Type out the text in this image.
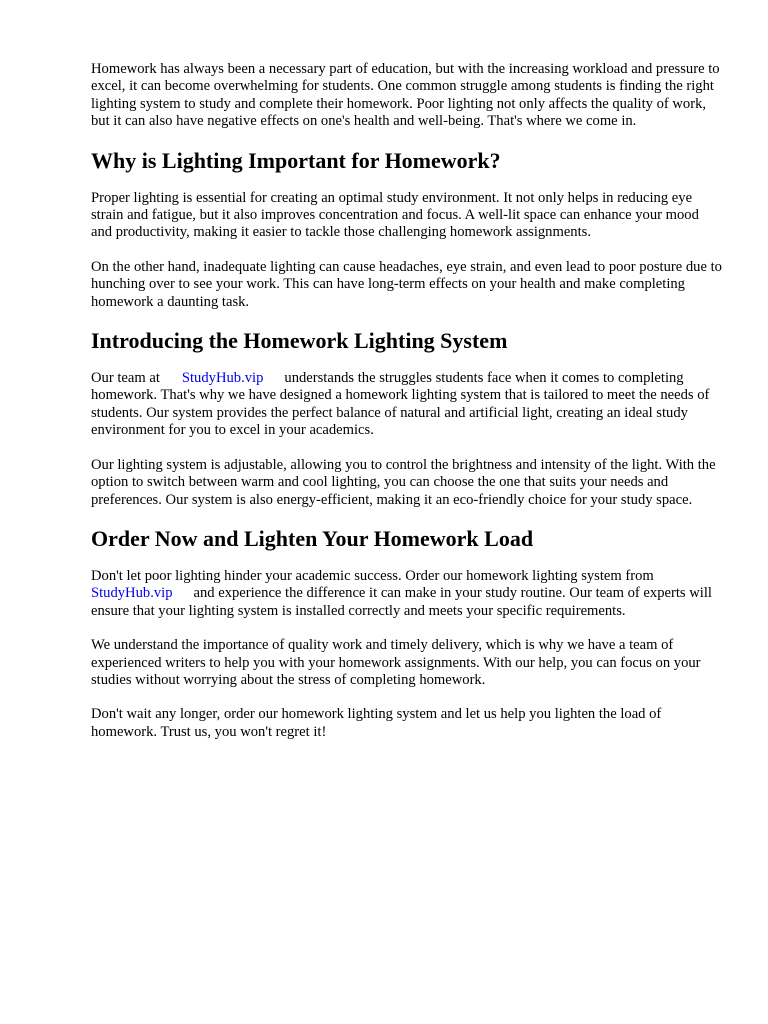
Homework has always been a necessary part of education, but with the increasing workload and pressure to excel, it can become overwhelming for students. One common struggle among students is finding the right lighting system to study and complete their homework. Poor lighting not only affects the quality of work, but it can also have negative effects on one's health and well-being. That's where we come in.

Why is Lighting Important for Homework?

Proper lighting is essential for creating an optimal study environment. It not only helps in reducing eye strain and fatigue, but it also improves concentration and focus. A well-lit space can enhance your mood and productivity, making it easier to tackle those challenging homework assignments.

On the other hand, inadequate lighting can cause headaches, eye strain, and even lead to poor posture due to hunching over to see your work. This can have long-term effects on your health and make completing homework a daunting task.

Introducing the Homework Lighting System

Our team at StudyHub.vip understands the struggles students face when it comes to completing homework. That's why we have designed a homework lighting system that is tailored to meet the needs of students. Our system provides the perfect balance of natural and artificial light, creating an ideal study environment for you to excel in your academics.

Our lighting system is adjustable, allowing you to control the brightness and intensity of the light. With the option to switch between warm and cool lighting, you can choose the one that suits your needs and preferences. Our system is also energy-efficient, making it an eco-friendly choice for your study space.

Order Now and Lighten Your Homework Load

Don't let poor lighting hinder your academic success. Order our homework lighting system from StudyHub.vip and experience the difference it can make in your study routine. Our team of experts will ensure that your lighting system is installed correctly and meets your specific requirements.

We understand the importance of quality work and timely delivery, which is why we have a team of experienced writers to help you with your homework assignments. With our help, you can focus on your studies without worrying about the stress of completing homework.

Don't wait any longer, order our homework lighting system and let us help you lighten the load of homework. Trust us, you won't regret it!
